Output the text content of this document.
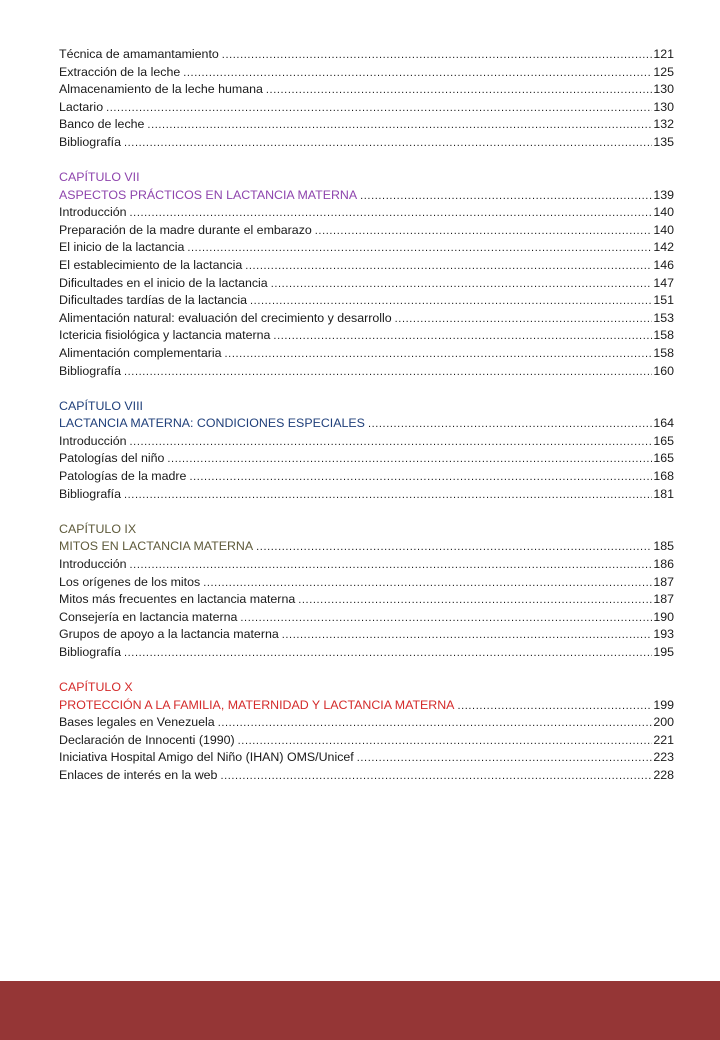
Técnica de amamantamiento .....	121
Extracción de la leche .....	125
Almacenamiento de la leche humana .....	130
Lactario .....	130
Banco de leche .....	132
Bibliografía .....	135
CAPÍTULO VII
ASPECTOS PRÁCTICOS EN LACTANCIA MATERNA .....	139
Introducción .....	140
Preparación de la madre durante el embarazo .....	140
El inicio de la lactancia .....	142
El establecimiento de la lactancia .....	146
Dificultades en el inicio de la lactancia .....	147
Dificultades tardías de la lactancia .....	151
Alimentación natural: evaluación del crecimiento y desarrollo .....	153
Ictericia fisiológica y lactancia materna .....	158
Alimentación complementaria .....	158
Bibliografía .....	160
CAPÍTULO VIII
LACTANCIA MATERNA: CONDICIONES ESPECIALES .....	164
Introducción .....	165
Patologías del niño .....	165
Patologías de la madre .....	168
Bibliografía .....	181
CAPÍTULO IX
MITOS EN LACTANCIA MATERNA .....	185
Introducción .....	186
Los orígenes de los mitos .....	187
Mitos más frecuentes en lactancia materna .....	187
Consejería en lactancia materna .....	190
Grupos de apoyo a la lactancia materna .....	193
Bibliografía .....	195
CAPÍTULO X
PROTECCIÓN A LA FAMILIA, MATERNIDAD Y LACTANCIA MATERNA .....	199
Bases legales en Venezuela .....	200
Declaración de Innocenti (1990) .....	221
Iniciativa Hospital Amigo del Niño (IHAN) OMS/Unicef .....	223
Enlaces de interés en la web .....	228
